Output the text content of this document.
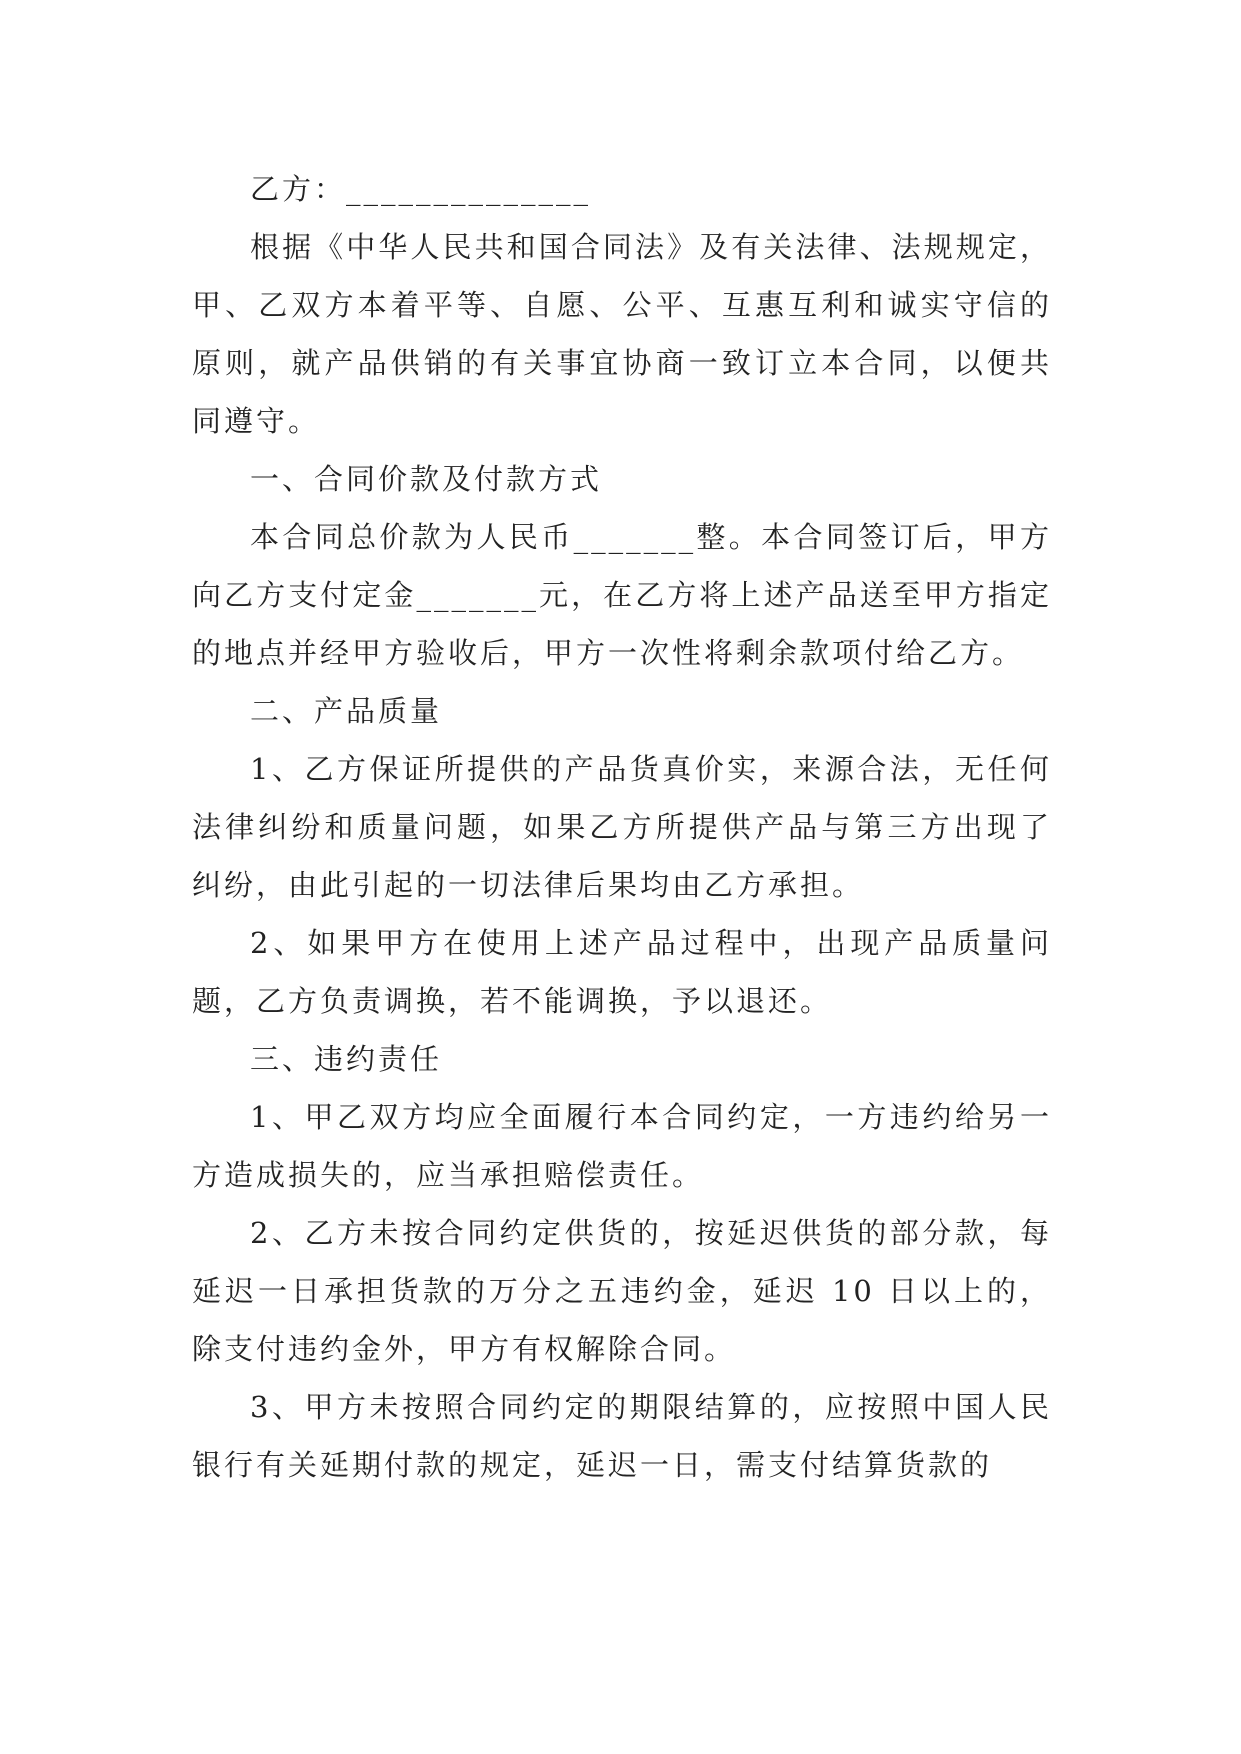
乙方：______________

根据《中华人民共和国合同法》及有关法律、法规规定，甲、乙双方本着平等、自愿、公平、互惠互利和诚实守信的原则，就产品供销的有关事宜协商一致订立本合同，以便共同遵守。

一、合同价款及付款方式

本合同总价款为人民币_______整。本合同签订后，甲方向乙方支付定金_______元，在乙方将上述产品送至甲方指定的地点并经甲方验收后，甲方一次性将剩余款项付给乙方。

二、产品质量

1、乙方保证所提供的产品货真价实，来源合法，无任何法律纠纷和质量问题，如果乙方所提供产品与第三方出现了纠纷，由此引起的一切法律后果均由乙方承担。

2、如果甲方在使用上述产品过程中，出现产品质量问题，乙方负责调换，若不能调换，予以退还。

三、违约责任

1、甲乙双方均应全面履行本合同约定，一方违约给另一方造成损失的，应当承担赔偿责任。

2、乙方未按合同约定供货的，按延迟供货的部分款，每延迟一日承担货款的万分之五违约金，延迟 10 日以上的，除支付违约金外，甲方有权解除合同。

3、甲方未按照合同约定的期限结算的，应按照中国人民银行有关延期付款的规定，延迟一日，需支付结算货款的
